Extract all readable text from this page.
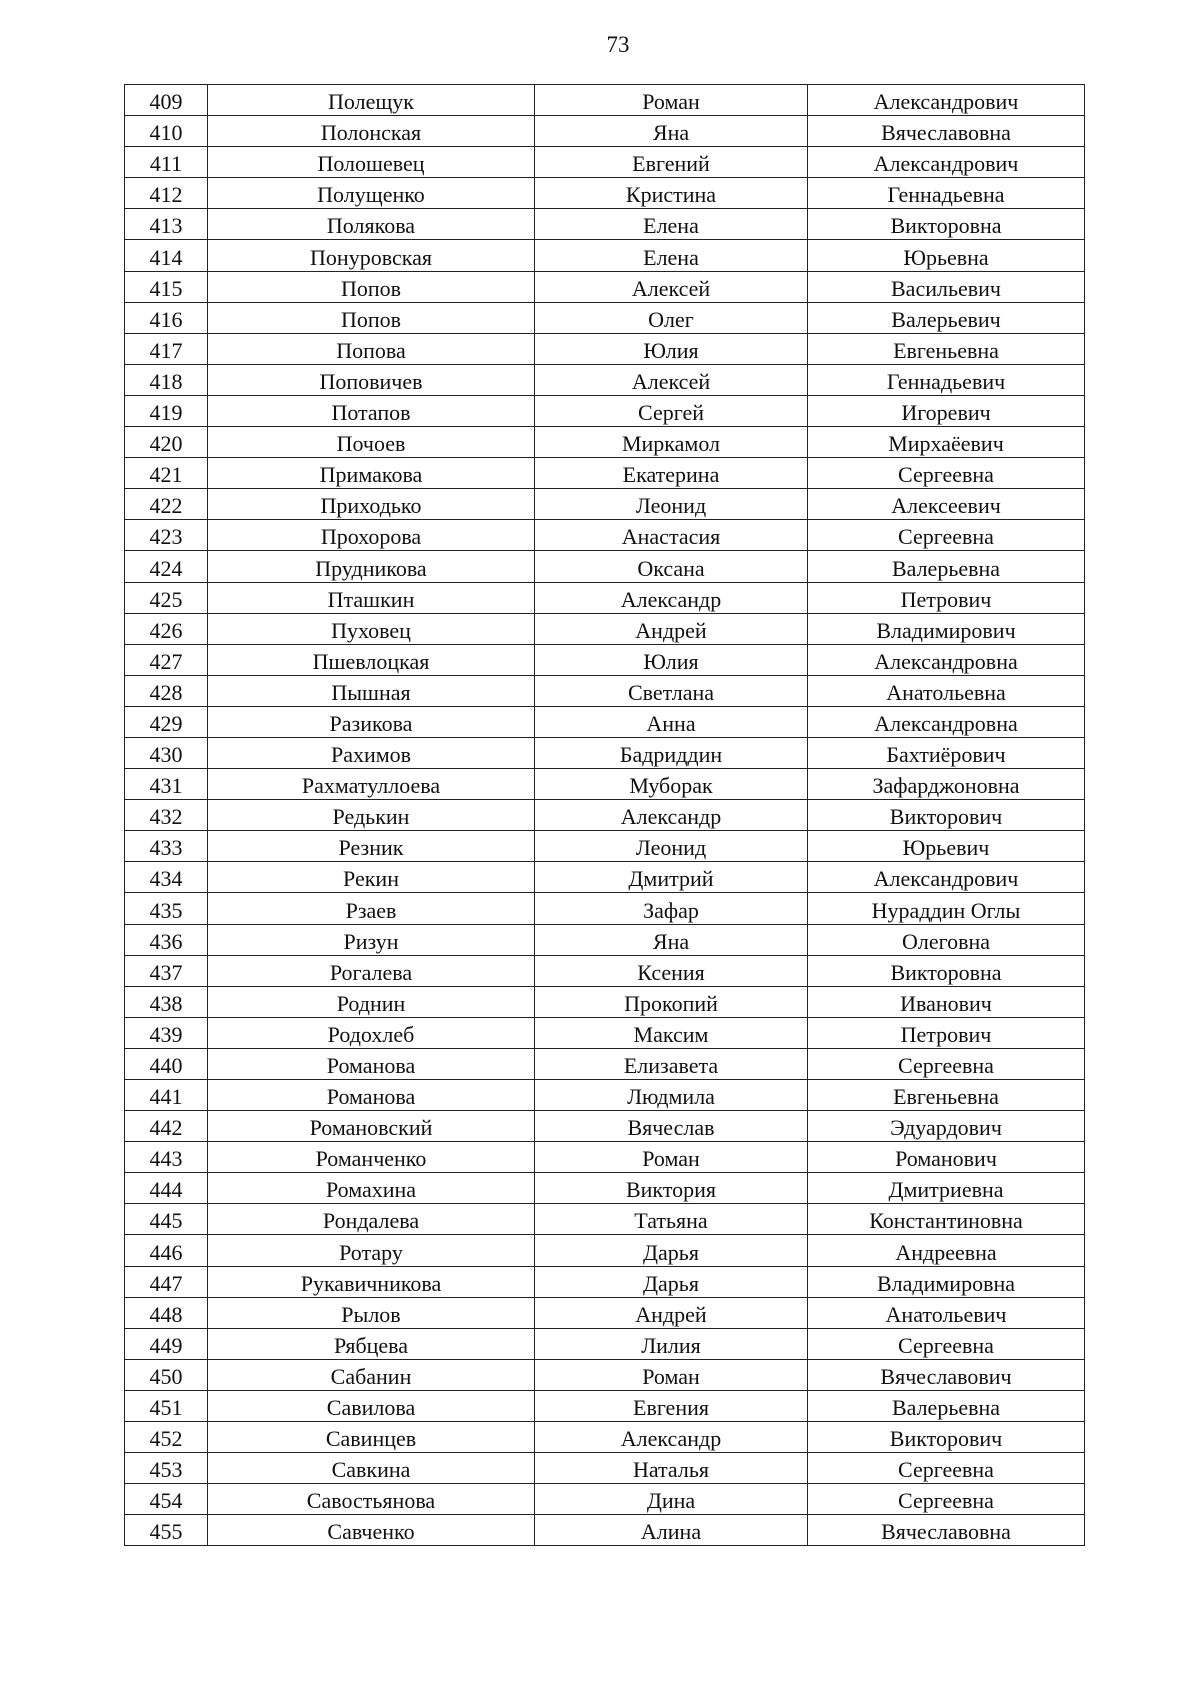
73
409	Полещук	Роман	Александрович
410	Полонская	Яна	Вячеславовна
411	Полошевец	Евгений	Александрович
412	Полущенко	Кристина	Геннадьевна
413	Полякова	Елена	Викторовна
414	Понуровская	Елена	Юрьевна
415	Попов	Алексей	Васильевич
416	Попов	Олег	Валерьевич
417	Попова	Юлия	Евгеньевна
418	Поповичев	Алексей	Геннадьевич
419	Потапов	Сергей	Игоревич
420	Почоев	Миркамол	Мирхаёевич
421	Примакова	Екатерина	Сергеевна
422	Приходько	Леонид	Алексеевич
423	Прохорова	Анастасия	Сергеевна
424	Прудникова	Оксана	Валерьевна
425	Пташкин	Александр	Петрович
426	Пуховец	Андрей	Владимирович
427	Пшевлоцкая	Юлия	Александровна
428	Пышная	Светлана	Анатольевна
429	Разикова	Анна	Александровна
430	Рахимов	Бадриддин	Бахтиёрович
431	Рахматуллоева	Муборак	Зафарджоновна
432	Редькин	Александр	Викторович
433	Резник	Леонид	Юрьевич
434	Рекин	Дмитрий	Александрович
435	Рзаев	Зафар	Нураддин Оглы
436	Ризун	Яна	Олеговна
437	Рогалева	Ксения	Викторовна
438	Роднин	Прокопий	Иванович
439	Родохлеб	Максим	Петрович
440	Романова	Елизавета	Сергеевна
441	Романова	Людмила	Евгеньевна
442	Романовский	Вячеслав	Эдуардович
443	Романченко	Роман	Романович
444	Ромахина	Виктория	Дмитриевна
445	Рондалева	Татьяна	Константиновна
446	Ротару	Дарья	Андреевна
447	Рукавичникова	Дарья	Владимировна
448	Рылов	Андрей	Анатольевич
449	Рябцева	Лилия	Сергеевна
450	Сабанин	Роман	Вячеславович
451	Савилова	Евгения	Валерьевна
452	Савинцев	Александр	Викторович
453	Савкина	Наталья	Сергеевна
454	Савостьянова	Дина	Сергеевна
455	Савченко	Алина	Вячеславовна
